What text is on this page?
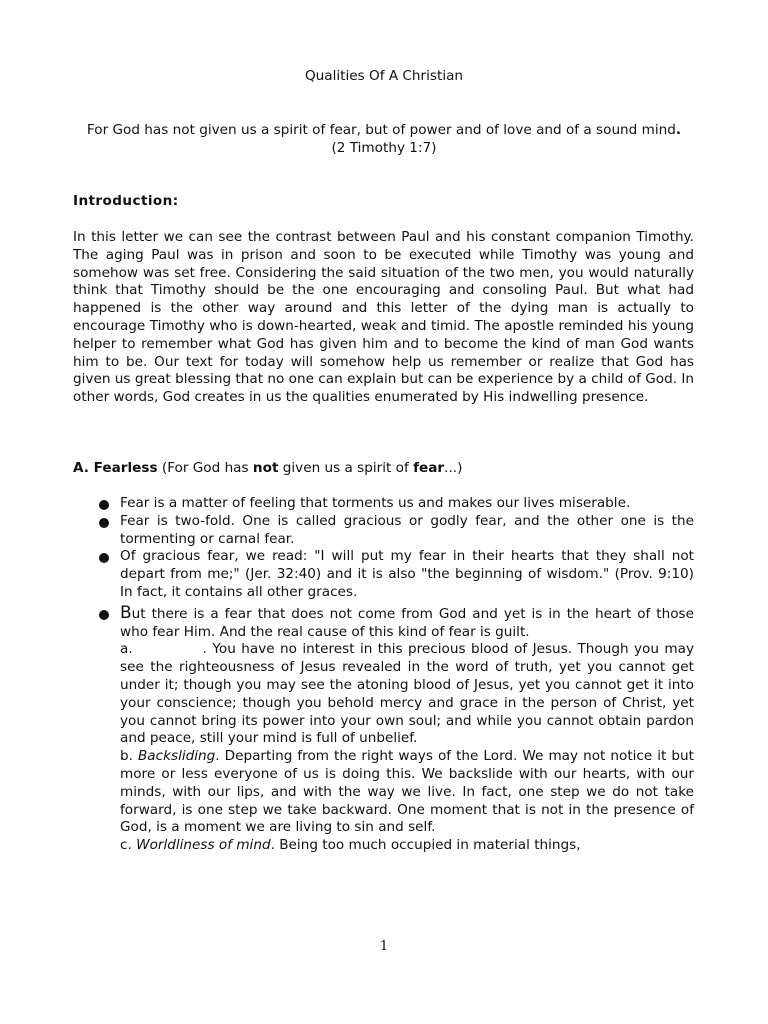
Qualities Of A Christian
For God has not given us a spirit of fear, but of power and of love and of a sound mind.
(2 Timothy 1:7)
Introduction:
In this letter we can see the contrast between Paul and his constant companion Timothy. The aging Paul was in prison and soon to be executed while Timothy was young and somehow was set free. Considering the said situation of the two men, you would naturally think that Timothy should be the one encouraging and consoling Paul. But what had happened is the other way around and this letter of the dying man is actually to encourage Timothy who is down-hearted, weak and timid. The apostle reminded his young helper to remember what God has given him and to become the kind of man God wants him to be. Our text for today will somehow help us remember or realize that God has given us great blessing that no one can explain but can be experience by a child of God. In other words, God creates in us the qualities enumerated by His indwelling presence.
A. Fearless (For God has not given us a spirit of fear...)
Fear is a matter of feeling that torments us and makes our lives miserable.
Fear is two-fold. One is called gracious or godly fear, and the other one is the tormenting or carnal fear.
Of gracious fear, we read: "I will put my fear in their hearts that they shall not depart from me;" (Jer. 32:40) and it is also "the beginning of wisdom." (Prov. 9:10) In fact, it contains all other graces.
But there is a fear that does not come from God and yet is in the heart of those who fear Him. And the real cause of this kind of fear is guilt.
a.	. You have no interest in this precious blood of Jesus. Though you may see the righteousness of Jesus revealed in the word of truth, yet you cannot get under it; though you may see the atoning blood of Jesus, yet you cannot get it into your conscience; though you behold mercy and grace in the person of Christ, yet you cannot bring its power into your own soul; and while you cannot obtain pardon and peace, still your mind is full of unbelief.
b. Backsliding. Departing from the right ways of the Lord. We may not notice it but more or less everyone of us is doing this. We backslide with our hearts, with our minds, with our lips, and with the way we live. In fact, one step we do not take forward, is one step we take backward. One moment that is not in the presence of God, is a moment we are living to sin and self.
c. Worldliness of mind. Being too much occupied in material things,
1
